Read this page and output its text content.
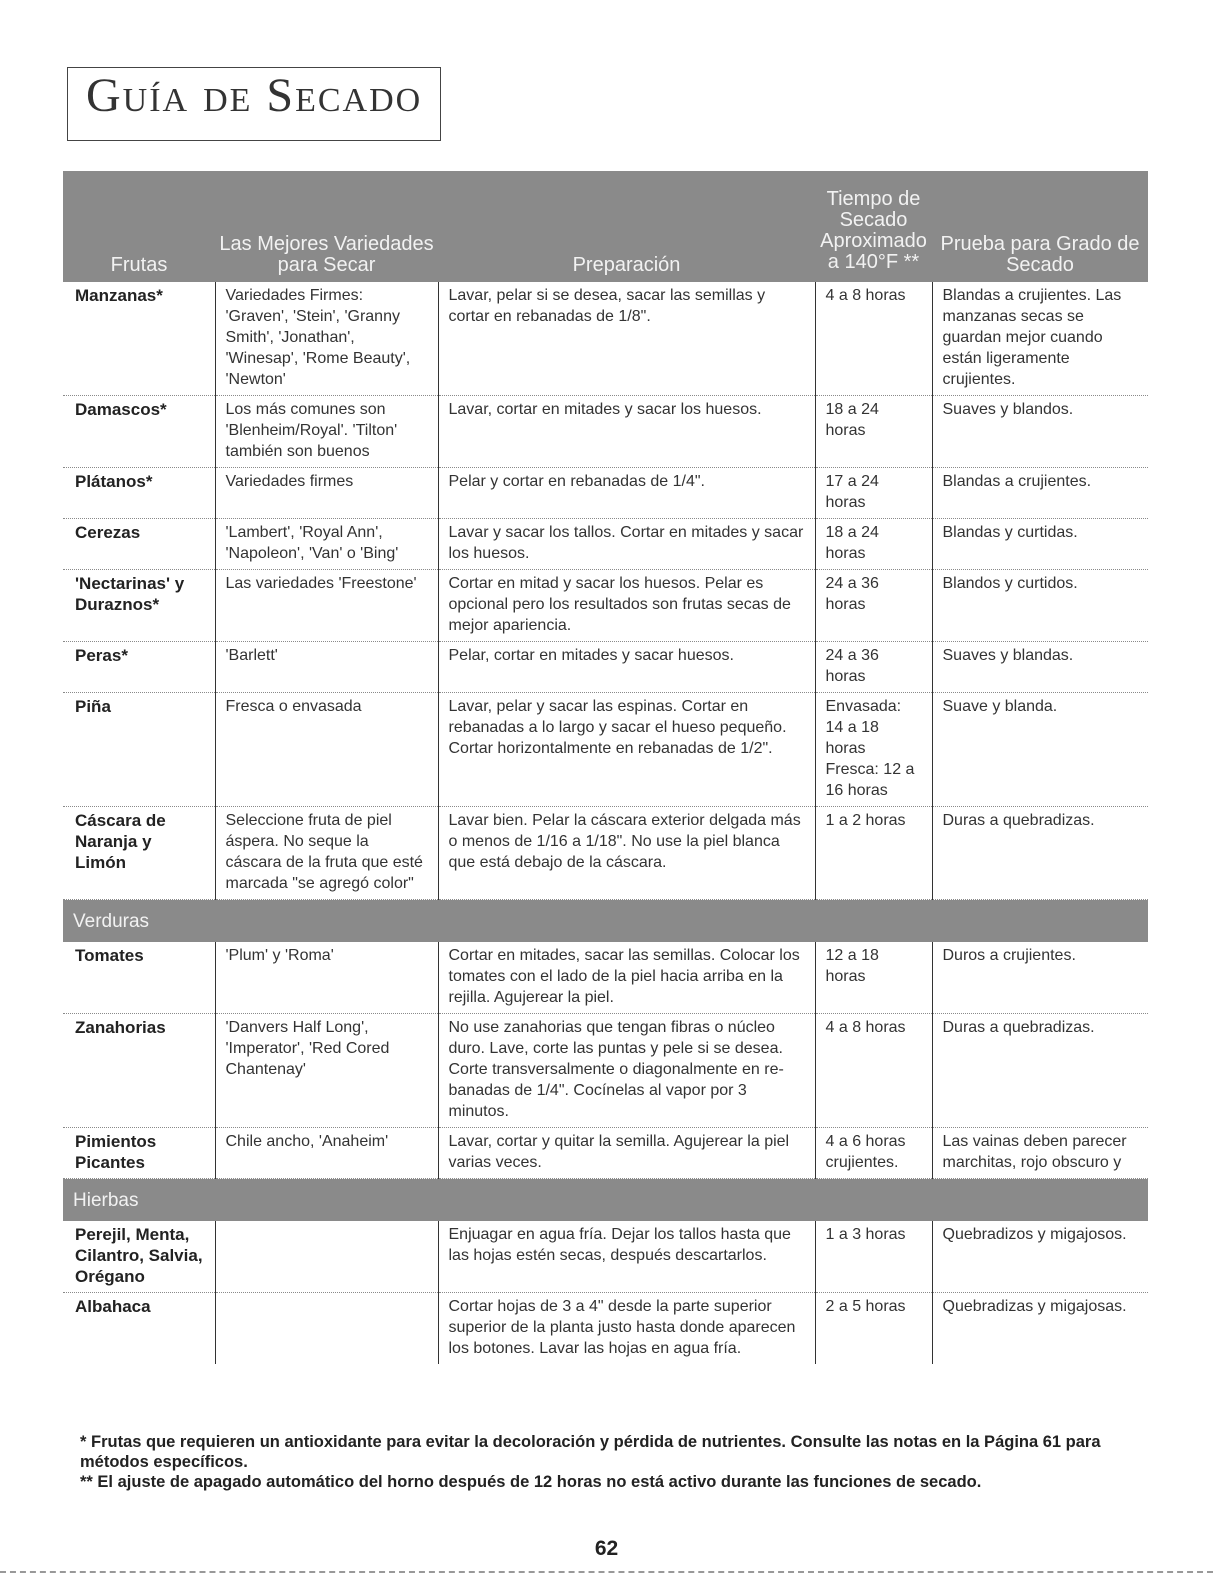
Guía de Secado
Frutas	Las Mejores Variedades para Secar	Preparación	Tiempo de Secado Aproximado a 140°F **	Prueba para Grado de Secado
Manzanas*	Variedades Firmes: 'Graven', 'Stein', 'Granny Smith', 'Jonathan', 'Winesap', 'Rome Beauty', 'Newton'	Lavar, pelar si se desea, sacar las semillas y cortar en rebanadas de 1/8".	4 a 8 horas	Blandas a crujientes. Las manzanas secas se guardan mejor cuando están ligeramente crujientes.
Damascos*	Los más comunes son 'Blenheim/Royal'. 'Tilton' también son buenos	Lavar, cortar en mitades y sacar los huesos.	18 a 24 horas	Suaves y blandos.
Plátanos*	Variedades firmes	Pelar y cortar en rebanadas de 1/4".	17 a 24 horas	Blandas a crujientes.
Cerezas	'Lambert', 'Royal Ann', 'Napoleon', 'Van' o 'Bing'	Lavar y sacar los tallos. Cortar en mitades y sacar los huesos.	18 a 24 horas	Blandas y curtidas.
'Nectarinas' y Duraznos*	Las variedades 'Freestone'	Cortar en mitad y sacar los huesos. Pelar es opcional pero los resultados son frutas secas de mejor apariencia.	24 a 36 horas	Blandos y curtidos.
Peras*	'Barlett'	Pelar, cortar en mitades y sacar huesos.	24 a 36 horas	Suaves y blandas.
Piña	Fresca o envasada	Lavar, pelar y sacar las espinas. Cortar en rebanadas a lo largo y sacar el hueso pequeño. Cortar horizontalmente en rebanadas de 1/2".	Envasada: 14 a 18 horas Fresca: 12 a 16 horas	Suave y blanda.
Cáscara de Naranja y Limón	Seleccione fruta de piel áspera. No seque la cáscara de la fruta que esté marcada "se agregó color"	Lavar bien. Pelar la cáscara exterior delgada más o menos de 1/16 a 1/18". No use la piel blanca que está debajo de la cáscara.	1 a 2 horas	Duras a quebradizas.
Verduras				
Tomates	'Plum' y 'Roma'	Cortar en mitades, sacar las semillas. Colocar los tomates con el lado de la piel hacia arriba en la rejilla. Agujerear la piel.	12 a 18 horas	Duros a crujientes.
Zanahorias	'Danvers Half Long', 'Imperator', 'Red Cored Chantenay'	No use zanahorias que tengan fibras o núcleo duro. Lave, corte las puntas y pele si se desea. Corte transversalmente o diagonalmente en re-banadas de 1/4". Cocínelas al vapor por 3 minutos.	4 a 8 horas	Duras a quebradizas.
Pimientos Picantes	Chile ancho, 'Anaheim'	Lavar, cortar y quitar la semilla. Agujerear la piel varias veces.	4 a 6 horas crujientes.	Las vainas deben parecer marchitas, rojo obscuro y
Hierbas				
Perejil, Menta, Cilantro, Salvia, Orégano		Enjuagar en agua fría. Dejar los tallos hasta que las hojas estén secas, después descartarlos.	1 a 3 horas	Quebradizos y migajosos.
Albahaca		Cortar hojas de 3 a 4" desde la parte superior superior de la planta justo hasta donde aparecen los botones. Lavar las hojas en agua fría.	2 a 5 horas	Quebradizas y migajosas.
* Frutas que requieren un antioxidante para evitar la decoloración y pérdida de nutrientes. Consulte las notas en la Página 61 para métodos específicos.
** El ajuste de apagado automático del horno después de 12 horas no está activo durante las funciones de secado.
62
